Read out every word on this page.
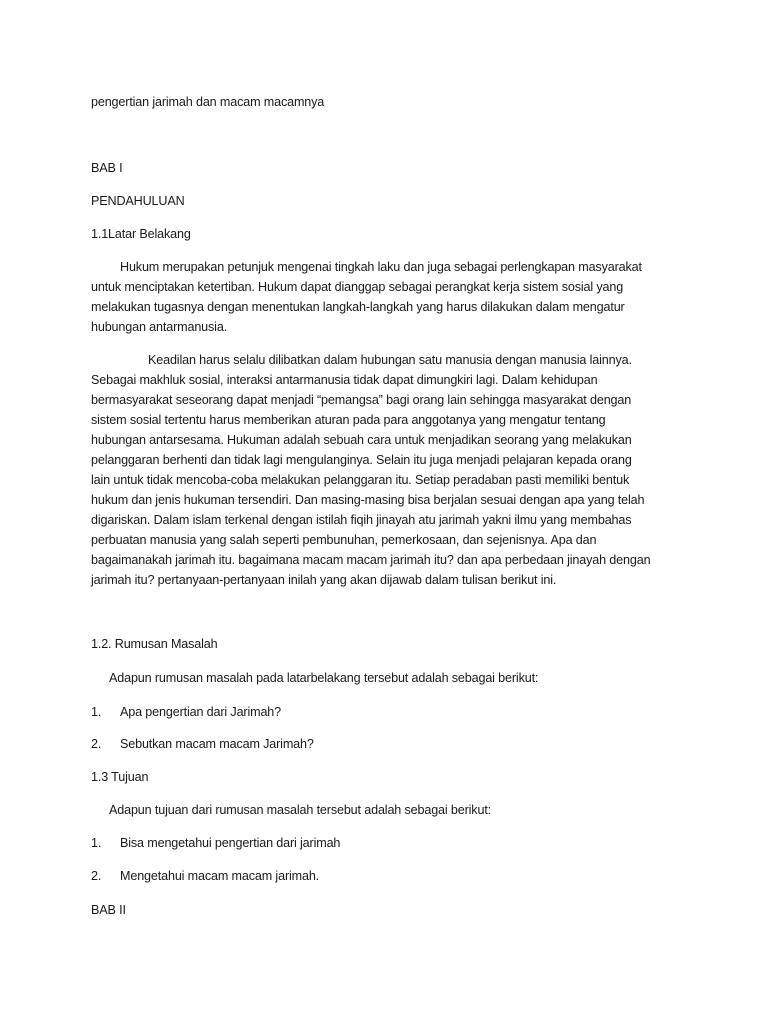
pengertian jarimah dan macam macamnya
BAB I
PENDAHULUAN
1.1Latar Belakang

Hukum merupakan petunjuk mengenai tingkah laku dan juga sebagai perlengkapan masyarakat untuk menciptakan ketertiban. Hukum dapat dianggap sebagai perangkat kerja sistem sosial yang melakukan tugasnya dengan menentukan langkah-langkah yang harus dilakukan dalam mengatur hubungan antarmanusia.

Keadilan harus selalu dilibatkan dalam hubungan satu manusia dengan manusia lainnya. Sebagai makhluk sosial, interaksi antarmanusia tidak dapat dimungkiri lagi. Dalam kehidupan bermasyarakat seseorang dapat menjadi “pemangsa” bagi orang lain sehingga masyarakat dengan sistem sosial tertentu harus memberikan aturan pada para anggotanya yang mengatur tentang hubungan antarsesama. Hukuman adalah sebuah cara untuk menjadikan seorang yang melakukan pelanggaran berhenti dan tidak lagi mengulanginya. Selain itu juga menjadi pelajaran kepada orang lain untuk tidak mencoba-coba melakukan pelanggaran itu. Setiap peradaban pasti memiliki bentuk hukum dan jenis hukuman tersendiri. Dan masing-masing bisa berjalan sesuai dengan apa yang telah digariskan. Dalam islam terkenal dengan istilah fiqih jinayah atu jarimah yakni ilmu yang membahas perbuatan manusia yang salah seperti pembunuhan, pemerkosaan, dan sejenisnya. Apa dan bagaimanakah jarimah itu. bagaimana macam macam jarimah itu? dan apa perbedaan jinayah dengan jarimah itu? pertanyaan-pertanyaan inilah yang akan dijawab dalam tulisan berikut ini.

1.2. Rumusan Masalah
Adapun rumusan masalah pada latarbelakang tersebut adalah sebagai berikut:
1. Apa pengertian dari Jarimah?
2. Sebutkan macam macam Jarimah?
1.3 Tujuan
Adapun tujuan dari rumusan masalah tersebut adalah sebagai berikut:
1. Bisa mengetahui pengertian dari jarimah
2. Mengetahui macam macam jarimah.
BAB II
